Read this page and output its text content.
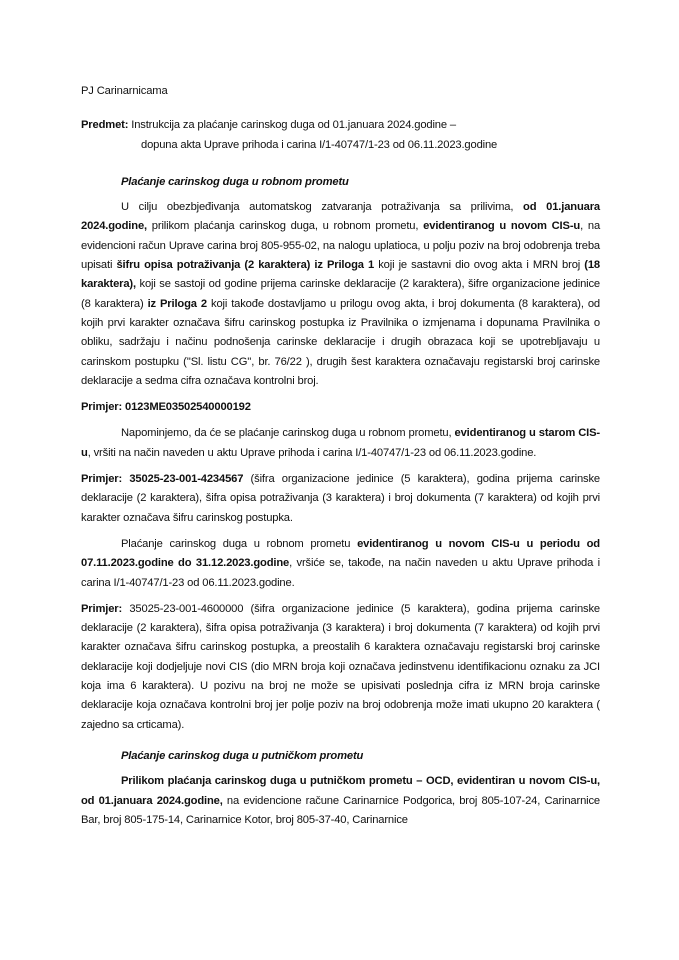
PJ Carinarnicama

Predmet: Instrukcija za plaćanje carinskog duga od 01.januara 2024.godine –
dopuna akta Uprave prihoda i carina I/1-40747/1-23 od 06.11.2023.godine

Plaćanje carinskog duga u robnom prometu

U cilju obezbjeđivanja automatskog zatvaranja potraživanja sa prilivima, od 01.januara 2024.godine, prilikom plaćanja carinskog duga, u robnom prometu, evidentiranog u novom CIS-u, na evidencioni račun Uprave carina broj 805-955-02, na nalogu uplatioca, u polju poziv na broj odobrenja treba upisati šifru opisa potraživanja (2 karaktera) iz Priloga 1 koji je sastavni dio ovog akta i MRN broj (18 karaktera), koji se sastoji od godine prijema carinske deklaracije (2 karaktera), šifre organizacione jedinice (8 karaktera) iz Priloga 2 koji takođe dostavljamo u prilogu ovog akta, i broj dokumenta (8 karaktera), od kojih prvi karakter označava šifru carinskog postupka iz Pravilnika o izmjenama i dopunama Pravilnika o obliku, sadržaju i načinu podnošenja carinske deklaracije i drugih obrazaca koji se upotrebljavaju u carinskom postupku (''Sl. listu CG'', br. 76/22 ), drugih šest karaktera označavaju registarski broj carinske deklaracije a sedma cifra označava kontrolni broj.

Primjer: 0123ME03502540000192

Napominjemo, da će se plaćanje carinskog duga u robnom prometu, evidentiranog u starom CIS-u, vršiti na način naveden u aktu Uprave prihoda i carina I/1-40747/1-23 od 06.11.2023.godine.

Primjer: 35025-23-001-4234567 (šifra organizacione jedinice (5 karaktera), godina prijema carinske deklaracije (2 karaktera), šifra opisa potraživanja (3 karaktera) i broj dokumenta (7 karaktera) od kojih prvi karakter označava šifru carinskog postupka.

Plaćanje carinskog duga u robnom prometu evidentiranog u novom CIS-u u periodu od 07.11.2023.godine do 31.12.2023.godine, vršiće se, takođe, na način naveden u aktu Uprave prihoda i carina I/1-40747/1-23 od 06.11.2023.godine.

Primjer: 35025-23-001-4600000 (šifra organizacione jedinice (5 karaktera), godina prijema carinske deklaracije (2 karaktera), šifra opisa potraživanja (3 karaktera) i broj dokumenta (7 karaktera) od kojih prvi karakter označava šifru carinskog postupka, a preostalih 6 karaktera označavaju registarski broj carinske deklaracije koji dodjeljuje novi CIS (dio MRN broja koji označava jedinstvenu identifikacionu oznaku za JCI koja ima 6 karaktera). U pozivu na broj ne može se upisivati poslednja cifra iz MRN broja carinske deklaracije koja označava kontrolni broj jer polje poziv na broj odobrenja može imati ukupno 20 karaktera ( zajedno sa crticama).

Plaćanje carinskog duga u putničkom prometu

Prilikom plaćanja carinskog duga u putničkom prometu – OCD, evidentiran u novom CIS-u, od 01.januara 2024.godine, na evidencione račune Carinarnice Podgorica, broj 805-107-24, Carinarnice Bar, broj 805-175-14, Carinarnice Kotor, broj 805-37-40, Carinarnice
